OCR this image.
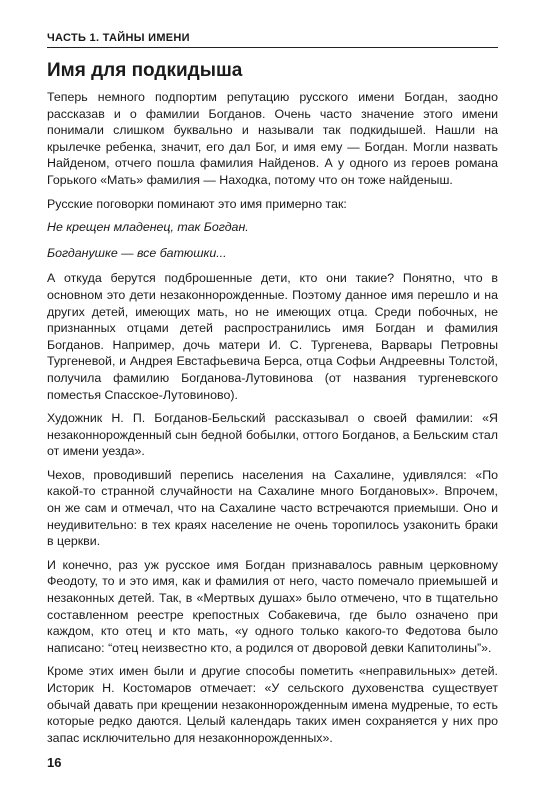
ЧАСТЬ 1. ТАЙНЫ ИМЕНИ
Имя для подкидыша

Теперь немного подпортим репутацию русского имени Богдан, заодно рассказав и о фамилии Богданов. Очень часто значение этого имени понимали слишком буквально и называли так подкидышей. Нашли на крылечке ребенка, значит, его дал Бог, и имя ему — Богдан. Могли назвать Найденом, отчего пошла фамилия Найденов. А у одного из героев романа Горького «Мать» фамилия — Находка, потому что он тоже найденыш.

Русские поговорки поминают это имя примерно так:

Не крещен младенец, так Богдан.

Богданушке — все батюшки...

А откуда берутся подброшенные дети, кто они такие? Понятно, что в основном это дети незаконнорожденные. Поэтому данное имя перешло и на других детей, имеющих мать, но не имеющих отца. Среди побочных, не признанных отцами детей распространились имя Богдан и фамилия Богданов. Например, дочь матери И. С. Тургенева, Варвары Петровны Тургеневой, и Андрея Евстафьевича Берса, отца Софьи Андреевны Толстой, получила фамилию Богданова-Лутовинова (от названия тургеневского поместья Спасское-Лутовиново).

Художник Н. П. Богданов-Бельский рассказывал о своей фамилии: «Я незаконнорожденный сын бедной бобылки, оттого Богданов, а Бельским стал от имени уезда».

Чехов, проводивший перепись населения на Сахалине, удивлялся: «По какой-то странной случайности на Сахалине много Богдановых». Впрочем, он же сам и отмечал, что на Сахалине часто встречаются приемыши. Оно и неудивительно: в тех краях население не очень торопилось узаконить браки в церкви.

И конечно, раз уж русское имя Богдан признавалось равным церковному Феодоту, то и это имя, как и фамилия от него, часто помечало приемышей и незаконных детей. Так, в «Мертвых душах» было отмечено, что в тщательно составленном реестре крепостных Собакевича, где было означено при каждом, кто отец и кто мать, «у одного только какого-то Федотова было написано: “отец неизвестно кто, а родился от дворовой девки Капитолины”».

Кроме этих имен были и другие способы пометить «неправильных» детей. Историк Н. Костомаров отмечает: «У сельского духовенства существует обычай давать при крещении незаконнорожденным имена мудреные, то есть которые редко даются. Целый календарь таких имен сохраняется у них про запас исключительно для незаконнорожденных».

16
